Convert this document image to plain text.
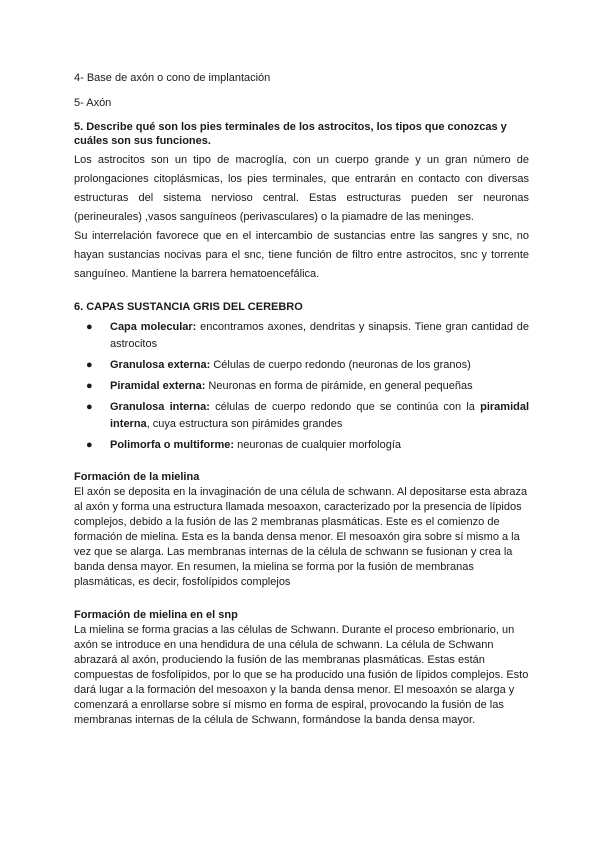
4- Base de axón o cono de implantación
5- Axón
5. Describe qué son los pies terminales de los astrocitos, los tipos que conozcas y cuáles son sus funciones.

Los astrocitos son un tipo de macroglía, con un cuerpo grande y un gran número de prolongaciones citoplásmicas, los pies terminales, que entrarán en contacto con diversas estructuras del sistema nervioso central. Estas estructuras pueden ser neuronas (perineurales) ,vasos sanguíneos (perivasculares) o la piamadre de las meninges.

Su interrelación favorece que en el intercambio de sustancias entre las sangres y snc, no hayan sustancias nocivas para el snc, tiene función de filtro entre astrocitos, snc y torrente sanguíneo. Mantiene la barrera hematoencefálica.

6. CAPAS SUSTANCIA GRIS DEL CEREBRO
● Capa molecular: encontramos axones, dendritas y sinapsis. Tiene gran cantidad de astrocitos
● Granulosa externa: Células de cuerpo redondo (neuronas de los granos)
● Piramidal externa: Neuronas en forma de pirámide, en general pequeñas
● Granulosa interna: células de cuerpo redondo que se continúa con la piramidal interna, cuya estructura son pirámides grandes
● Polimorfa o multiforme: neuronas de cualquier morfología
Formación de la mielina

El axón se deposita en la invaginación de una célula de schwann. Al depositarse esta abraza al axón y forma una estructura llamada mesoaxon, caracterizado por la presencia de lípidos complejos, debido a la fusión de las 2 membranas plasmáticas. Este es el comienzo de formación de mielina. Esta es la banda densa menor. El mesoaxón gira sobre sí mismo a la vez que se alarga. Las membranas internas de la célula de schwann se fusionan y crea la banda densa mayor. En resumen, la mielina se forma por la fusión de membranas plasmáticas, es decir, fosfolípidos complejos

Formación de mielina en el snp

La mielina se forma gracias a las células de Schwann. Durante el proceso embrionario, un axón se introduce en una hendidura de una célula de schwann. La célula de Schwann abrazará al axón, produciendo la fusión de las membranas plasmáticas. Estas están compuestas de fosfolípidos, por lo que se ha producido una fusión de lípidos complejos. Esto dará lugar a la formación del mesoaxon y la banda densa menor. El mesoaxón se alarga y comenzará a enrollarse sobre sí mismo en forma de espiral, provocando la fusión de las membranas internas de la célula de Schwann, formándose la banda densa mayor.
